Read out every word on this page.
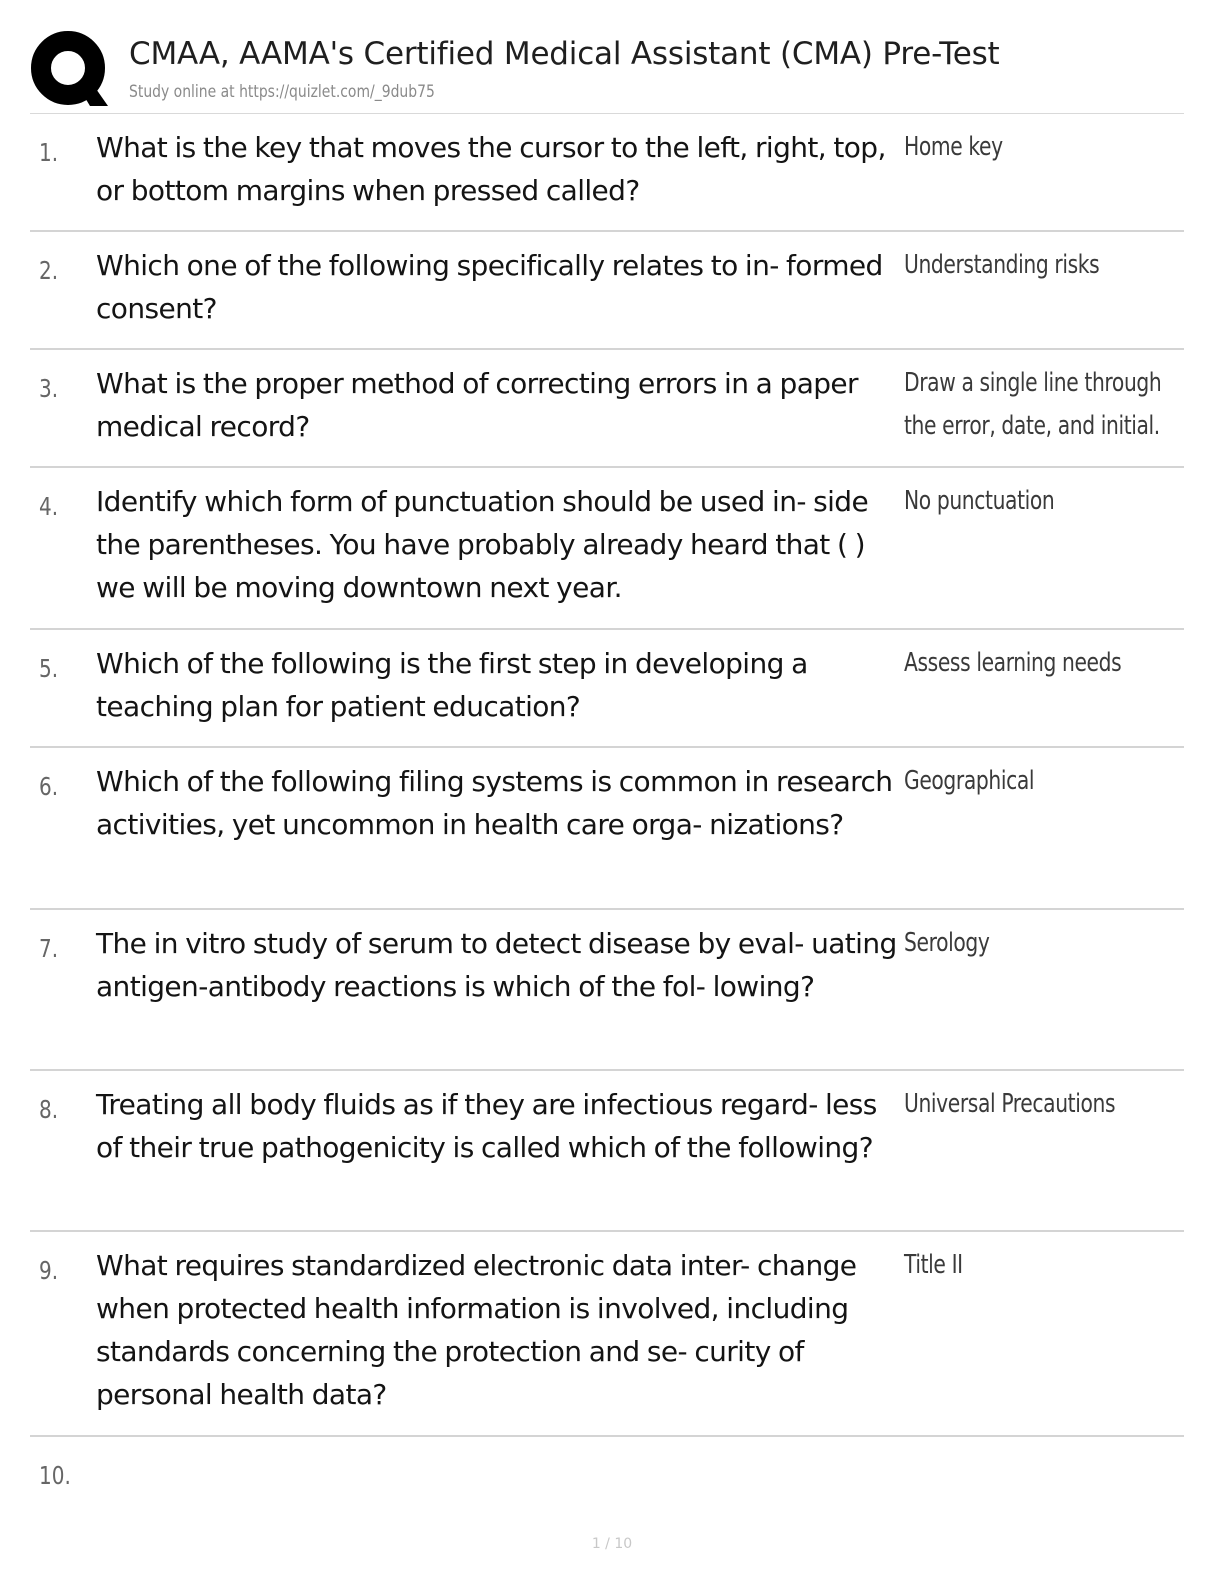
CMAA, AAMA's Certified Medical Assistant (CMA) Pre-Test
Study online at https://quizlet.com/_9dub75
1. What is the key that moves the cursor to the left, right, top, or bottom margins when pressed called?
Home key
2. Which one of the following specifically relates to in- formed consent?
Understanding risks
3. What is the proper method of correcting errors in a paper medical record?
Draw a single line through the error, date, and initial.
4. Identify which form of punctuation should be used in- side the parentheses. You have probably already heard that ( ) we will be moving downtown next year.
No punctuation
5. Which of the following is the first step in developing a teaching plan for patient education?
Assess learning needs
6. Which of the following filing systems is common in research activities, yet uncommon in health care orga- nizations?
Geographical
7. The in vitro study of serum to detect disease by eval- uating antigen-antibody reactions is which of the fol- lowing?
Serology
8. Treating all body fluids as if they are infectious regard- less of their true pathogenicity is called which of the following?
Universal Precautions
9. What requires standardized electronic data inter- change when protected health information is involved, including standards concerning the protection and se- curity of personal health data?
Title II
10.
1 / 10
